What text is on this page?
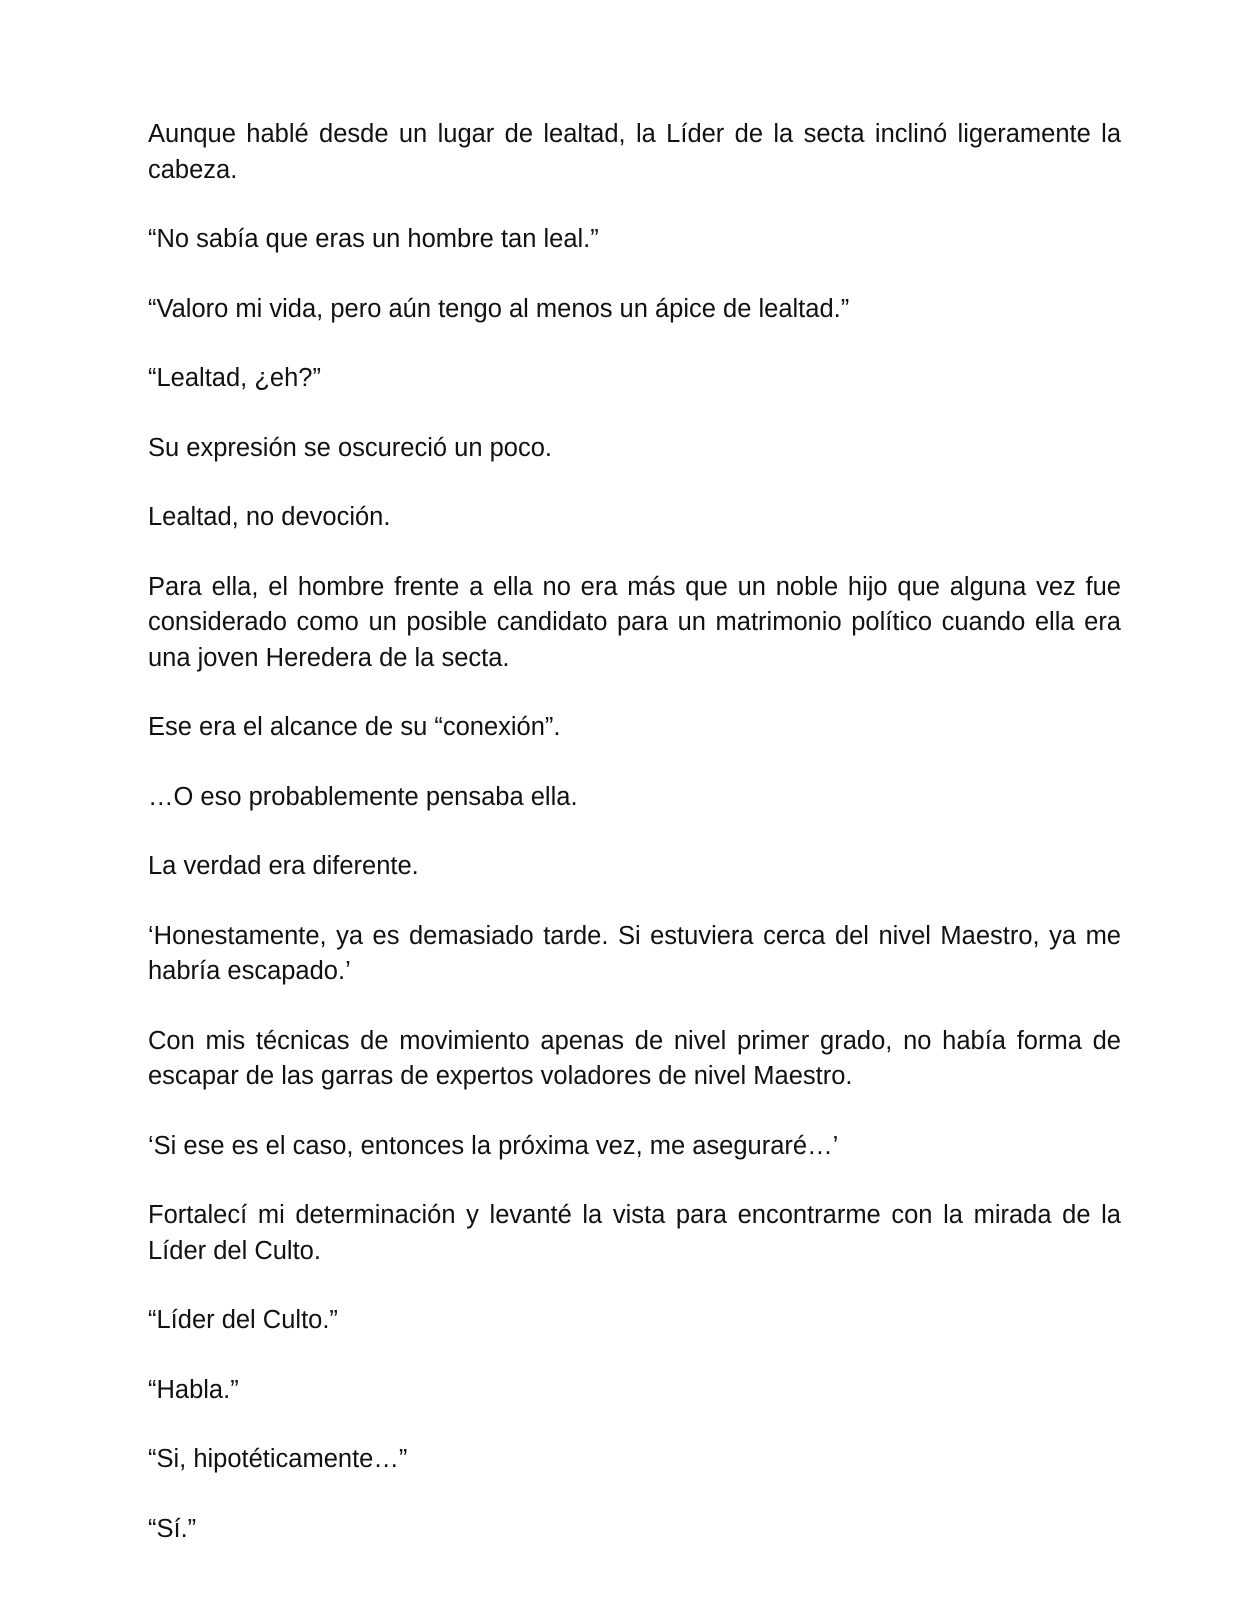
Aunque hablé desde un lugar de lealtad, la Líder de la secta inclinó ligeramente la cabeza.

“No sabía que eras un hombre tan leal.”

“Valoro mi vida, pero aún tengo al menos un ápice de lealtad.”

“Lealtad, ¿eh?”

Su expresión se oscureció un poco.

Lealtad, no devoción.

Para ella, el hombre frente a ella no era más que un noble hijo que alguna vez fue considerado como un posible candidato para un matrimonio político cuando ella era una joven Heredera de la secta.

Ese era el alcance de su “conexión”.

…O eso probablemente pensaba ella.

La verdad era diferente.

‘Honestamente, ya es demasiado tarde. Si estuviera cerca del nivel Maestro, ya me habría escapado.’

Con mis técnicas de movimiento apenas de nivel primer grado, no había forma de escapar de las garras de expertos voladores de nivel Maestro.

‘Si ese es el caso, entonces la próxima vez, me aseguraré…’

Fortalecí mi determinación y levanté la vista para encontrarme con la mirada de la Líder del Culto.

“Líder del Culto.”

“Habla.”

“Si, hipotéticamente…”

“Sí.”
